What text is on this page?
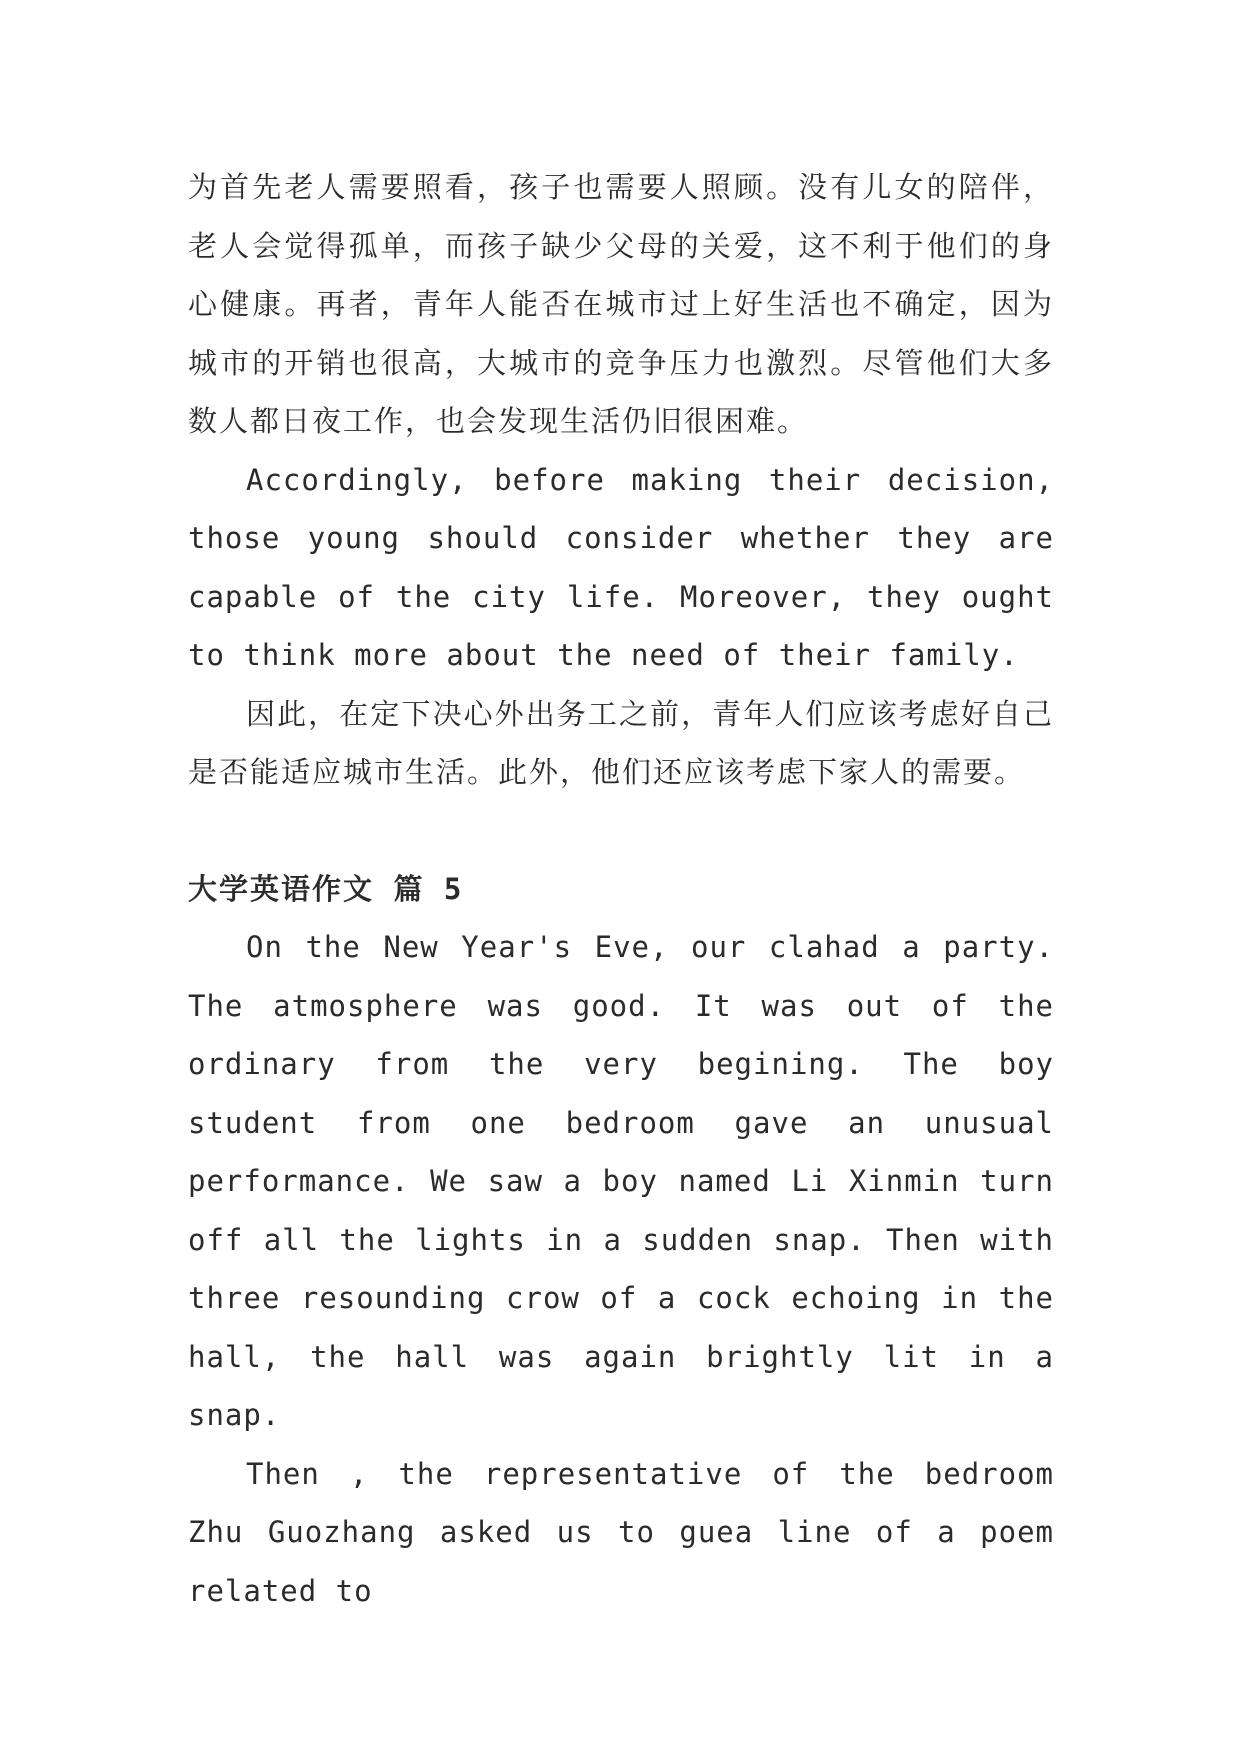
为首先老人需要照看，孩子也需要人照顾。没有儿女的陪伴，老人会觉得孤单，而孩子缺少父母的关爱，这不利于他们的身心健康。再者，青年人能否在城市过上好生活也不确定，因为城市的开销也很高，大城市的竞争压力也激烈。尽管他们大多数人都日夜工作，也会发现生活仍旧很困难。

Accordingly, before making their decision, those young should consider whether they are capable of the city life. Moreover, they ought to think more about the need of their family.

因此，在定下决心外出务工之前，青年人们应该考虑好自己是否能适应城市生活。此外，他们还应该考虑下家人的需要。

大学英语作文 篇 5

On the New Year's Eve, our clahad a party. The atmosphere was good. It was out of the ordinary from the very begining. The boy student from one bedroom gave an unusual performance. We saw a boy named Li Xinmin turn off all the lights in a sudden snap. Then with three resounding crow of a cock echoing in the hall, the hall was again brightly lit in a snap.

Then , the representative of the bedroom Zhu Guozhang asked us to guea line of a poem related to
